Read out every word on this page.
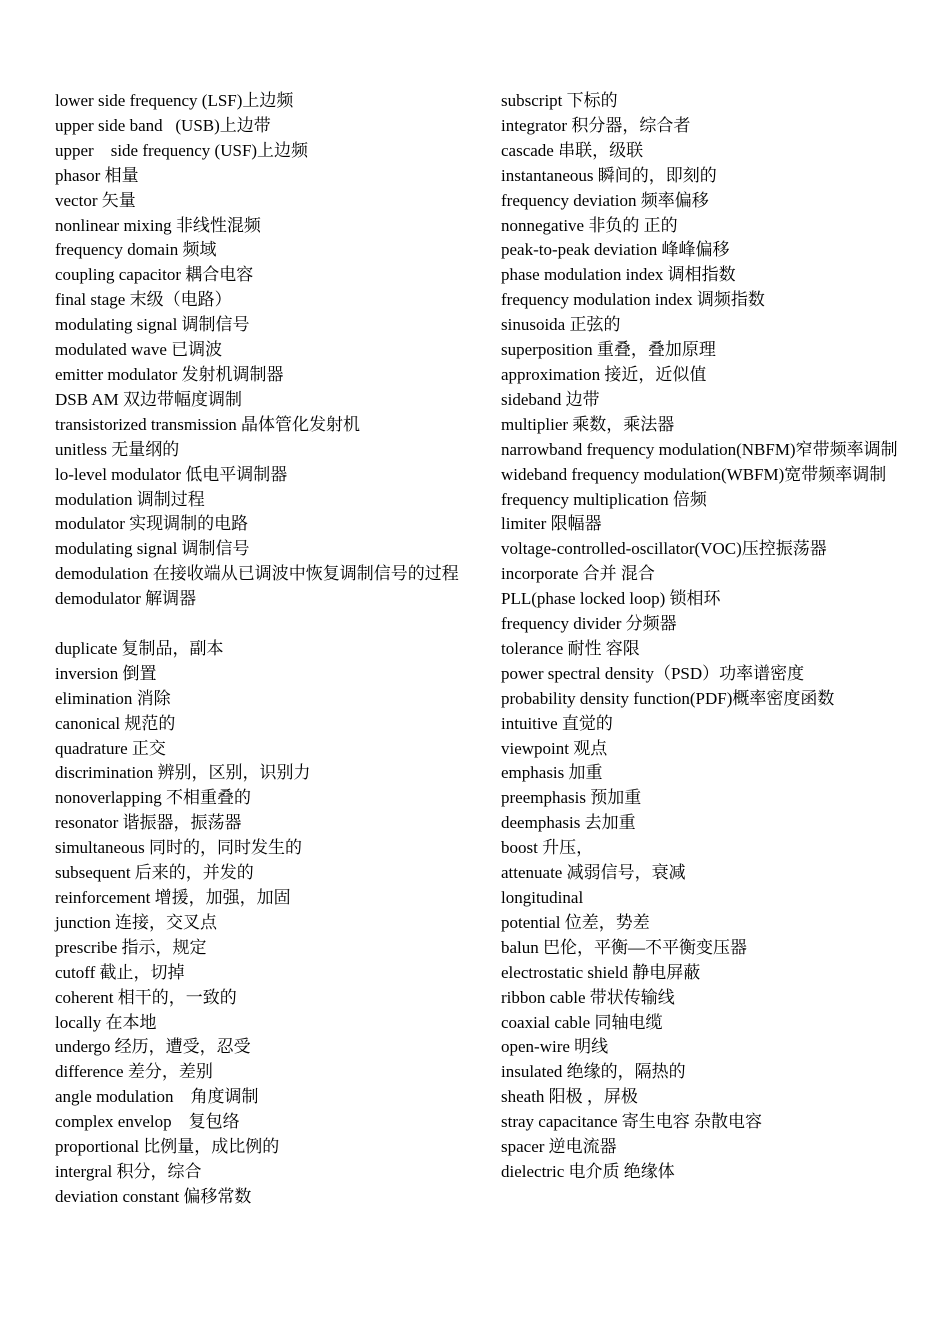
lower side frequency (LSF)上边频
upper side band   (USB)上边带
upper    side frequency (USF)上边频
phasor 相量
vector 矢量
nonlinear mixing 非线性混频
frequency domain 频域
coupling capacitor 耦合电容
final stage 末级（电路）
modulating signal 调制信号
modulated wave 已调波
emitter modulator 发射机调制器
DSB AM 双边带幅度调制
transistorized transmission 晶体管化发射机
unitless 无量纲的
lo-level modulator 低电平调制器
modulation 调制过程
modulator 实现调制的电路
modulating signal 调制信号
demodulation 在接收端从已调波中恢复调制信号的过程
demodulator 解调器
duplicate 复制品，副本
inversion 倒置
elimination 消除
canonical 规范的
quadrature 正交
discrimination 辨别，区别，识别力
nonoverlapping 不相重叠的
resonator 谐振器，振荡器
simultaneous 同时的，同时发生的
subsequent 后来的，并发的
reinforcement 增援，加强，加固
junction 连接，交叉点
prescribe 指示，规定
cutoff 截止，切掉
coherent 相干的，一致的
locally 在本地
undergo 经历，遭受，忍受
difference 差分，差别
angle modulation    角度调制
complex envelop    复包络
proportional 比例量，成比例的
intergral 积分，综合
deviation constant 偏移常数
subscript 下标的
integrator 积分器，综合者
cascade 串联，级联
instantaneous 瞬间的，即刻的
frequency deviation 频率偏移
nonnegative 非负的 正的
peak-to-peak deviation 峰峰偏移
phase modulation index 调相指数
frequency modulation index 调频指数
sinusoida 正弦的
superposition 重叠，叠加原理
approximation 接近，近似值
sideband 边带
multiplier 乘数，乘法器
narrowband frequency modulation(NBFM)窄带频率调制
wideband frequency modulation(WBFM)宽带频率调制
frequency multiplication 倍频
limiter 限幅器
voltage-controlled-oscillator(VOC)压控振荡器
incorporate 合并 混合
PLL(phase locked loop) 锁相环
frequency divider 分频器
tolerance 耐性 容限
power spectral density（PSD）功率谱密度
probability density function(PDF)概率密度函数
intuitive 直觉的
viewpoint 观点
emphasis 加重
preemphasis 预加重
deemphasis 去加重
boost 升压，
attenuate 减弱信号，衰减
longitudinal
potential 位差，势差
balun 巴伦，平衡—不平衡变压器
electrostatic shield 静电屏蔽
ribbon cable 带状传输线
coaxial cable 同轴电缆
open-wire 明线
insulated 绝缘的，隔热的
sheath 阳极 ，屏极
stray capacitance 寄生电容 杂散电容
spacer 逆电流器
dielectric 电介质 绝缘体
